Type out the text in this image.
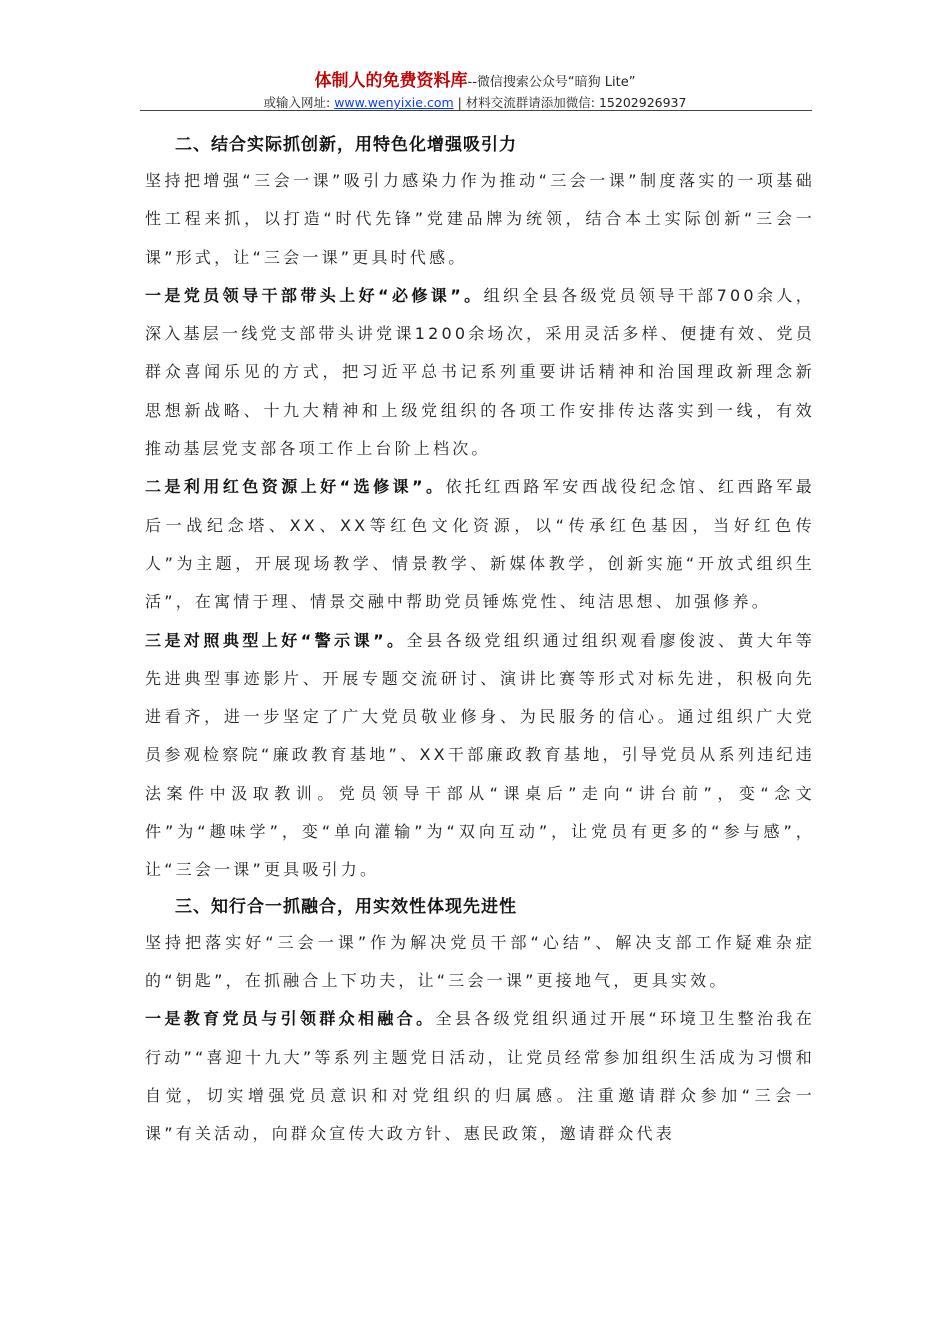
体制人的免费资料库--微信搜索公众号“暗狗 Lite”
或输入网址: www.wenyixie.com | 材料交流群请添加微信: 15202926937
二、结合实际抓创新，用特色化增强吸引力

坚持把增强“三会一课”吸引力感染力作为推动“三会一课”制度落实的一项基础性工程来抓，以打造“时代先锋”党建品牌为统领，结合本土实际创新“三会一课”形式，让“三会一课”更具时代感。

一是党员领导干部带头上好“必修课”。组织全县各级党员领导干部700余人，深入基层一线党支部带头讲党课1200余场次，采用灵活多样、便捷有效、党员群众喜闻乐见的方式，把习近平总书记系列重要讲话精神和治国理政新理念新思想新战略、十九大精神和上级党组织的各项工作安排传达落实到一线，有效推动基层党支部各项工作上台阶上档次。

二是利用红色资源上好“选修课”。依托红西路军安西战役纪念馆、红西路军最后一战纪念塔、XX、XX等红色文化资源，以“传承红色基因，当好红色传人”为主题，开展现场教学、情景教学、新媒体教学，创新实施“开放式组织生活”，在寓情于理、情景交融中帮助党员锤炼党性、纯洁思想、加强修养。

三是对照典型上好“警示课”。全县各级党组织通过组织观看廖俊波、黄大年等先进典型事迹影片、开展专题交流研讨、演讲比赛等形式对标先进，积极向先进看齐，进一步坚定了广大党员敬业修身、为民服务的信心。通过组织广大党员参观检察院“廉政教育基地”、XX干部廉政教育基地，引导党员从系列违纪违法案件中汲取教训。党员领导干部从“课桌后”走向“讲台前”，变“念文件”为“趣味学”，变“单向灌输”为“双向互动”，让党员有更多的“参与感”，让“三会一课”更具吸引力。

三、知行合一抓融合，用实效性体现先进性

坚持把落实好“三会一课”作为解决党员干部“心结”、解决支部工作疑难杂症的“钥匙”，在抓融合上下功夫，让“三会一课”更接地气，更具实效。

一是教育党员与引领群众相融合。全县各级党组织通过开展“环境卫生整治我在行动”“喜迎十九大”等系列主题党日活动，让党员经常参加组织生活成为习惯和自觉，切实增强党员意识和对党组织的归属感。注重邀请群众参加“三会一课”有关活动，向群众宣传大政方针、惠民政策，邀请群众代表
